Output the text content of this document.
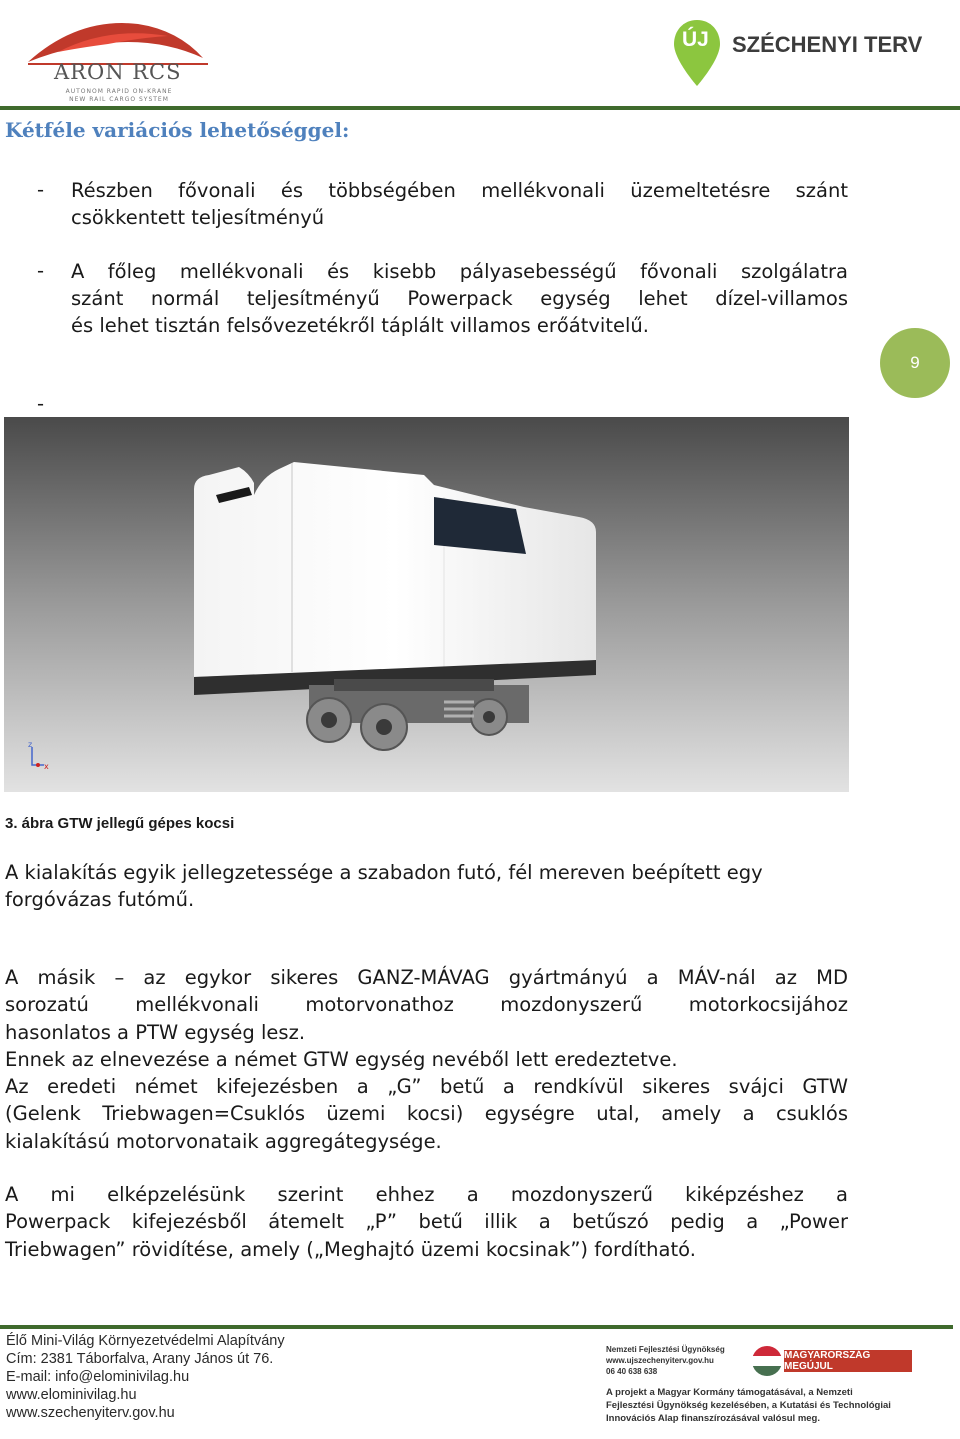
ARON RCS
AUTONOM RAPID ON-KRANE NEW RAIL CARGO SYSTEM
ÚJ SZÉCHENYI TERV
Kétféle variációs lehetőséggel:
- Részben fővonali és többségében mellékvonali üzemeltetésre szánt
csökkentett teljesítményű
- A főleg mellékvonali és kisebb pályasebességű fővonali szolgálatra
szánt normál teljesítményű Powerpack egység lehet dízel-villamos
és lehet tisztán felsővezetékről táplált villamos erőátvitelű.
-
9
z
x
3. ábra GTW jellegű gépes kocsi
A kialakítás egyik jellegzetessége a szabadon futó, fél mereven beépített egy
forgóvázas futómű.
A másik – az egykor sikeres GANZ-MÁVAG gyártmányú a MÁV-nál az MD
sorozatú mellékvonali motorvonathoz mozdonyszerű motorkocsijához
hasonlatos a PTW egység lesz.
Ennek az elnevezése a német GTW egység nevéből lett eredeztetve.
Az eredeti német kifejezésben a „G” betű a rendkívül sikeres svájci GTW
(Gelenk Triebwagen=Csuklós üzemi kocsi) egységre utal, amely a csuklós
kialakítású motorvonataik aggregátegysége.
A mi elképzelésünk szerint ehhez a mozdonyszerű kiképzéshez a
Powerpack kifejezésből átemelt „P” betű illik a betűszó pedig a „Power
Triebwagen” rövidítése, amely („Meghajtó üzemi kocsinak”) fordítható.
Élő Mini-Világ Környezetvédelmi Alapítvány
Cím: 2381 Táborfalva, Arany János út 76.
E-mail: info@elominivilag.hu
www.elominivilag.hu
www.szechenyiterv.gov.hu
Nemzeti Fejlesztési Ügynökség
www.ujszechenyiterv.gov.hu
06 40 638 638
MAGYARORSZÁG MEGÚJUL
A projekt a Magyar Kormány támogatásával, a Nemzeti
Fejlesztési Ügynökség kezelésében, a Kutatási és Technológiai
Innovációs Alap finanszírozásával valósul meg.
